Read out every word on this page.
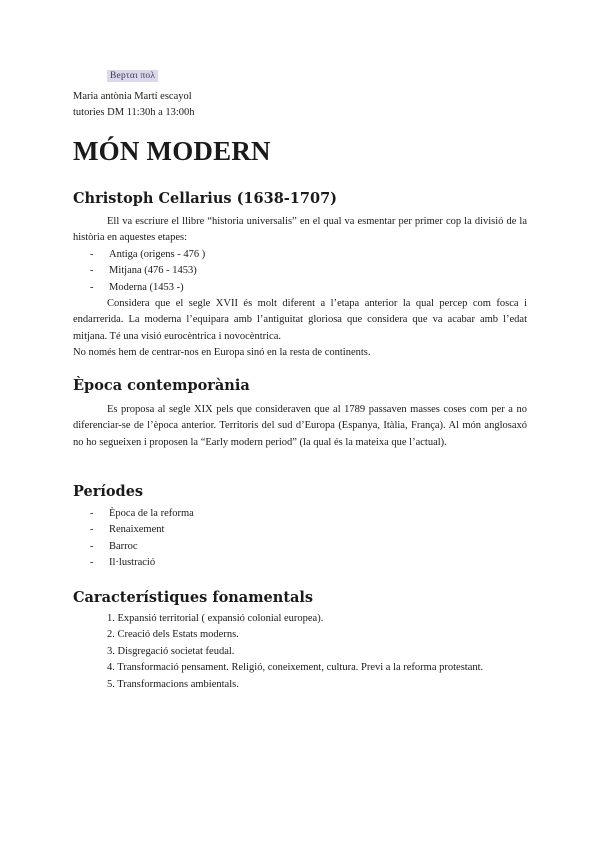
Верται πολ
Maria antònia Martí escayol
tutories DM 11:30h a 13:00h
MÓN MODERN
Christoph Cellarius (1638-1707)

Ell va escriure el llibre “historia universalis” en el qual va esmentar per primer cop la divisió de la història en aquestes etapes:

- Antiga (origens - 476 )
- Mitjana (476 - 1453)
- Moderna (1453 -)

Considera que el segle XVII és molt diferent a l’etapa anterior la qual percep com fosca i endarrerida. La moderna l’equipara amb l’antiguitat gloriosa que considera que va acabar amb l’edat mitjana. Té una visió eurocèntrica i novocèntrica.
No només hem de centrar-nos en Europa sinó en la resta de continents.

Època contemporània

Es proposa al segle XIX pels que consideraven que al 1789 passaven masses coses com per a no diferenciar-se de l’època anterior. Territoris del sud d’Europa (Espanya, Itàlia, França). Al món anglosaxó no ho segueixen i proposen la “Early modern period” (la qual és la mateixa que l’actual).

Períodes
- Època de la reforma
- Renaixement
- Barroc
- Il·lustració
Característiques fonamentals
1. Expansió territorial ( expansió colonial europea).
2. Creació dels Estats moderns.
3. Disgregació societat feudal.
4. Transformació pensament. Religió, coneixement, cultura. Previ a la reforma protestant.
5. Transformacions ambientals.
